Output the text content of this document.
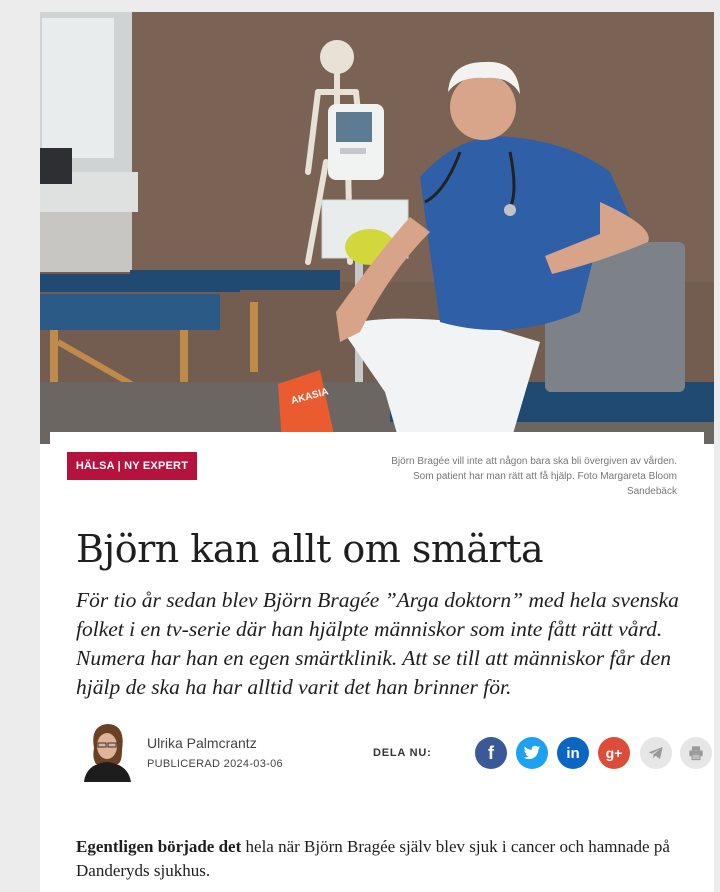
AKASIA
HÄLSA | NY EXPERT	Björn Bragée vill inte att någon bara ska bli övergiven av vården. Som patient har man rätt att få hjälp. Foto Margareta Bloom Sandebäck
Björn kan allt om smärta

För tio år sedan blev Björn Bragée ”Arga doktorn” med hela svenska folket i en tv-serie där han hjälpte människor som inte fått rätt vård. Numera har han en egen smärtklinik. Att se till att människor får den hjälp de ska ha har alltid varit det han brinner för.

Ulrika Palmcrantz
PUBLICERAD 2024-03-06
DELA NU:	f	in g+

Egentligen började det hela när Björn Bragée själv blev sjuk i cancer och hamnade på Danderyds sjukhus.
